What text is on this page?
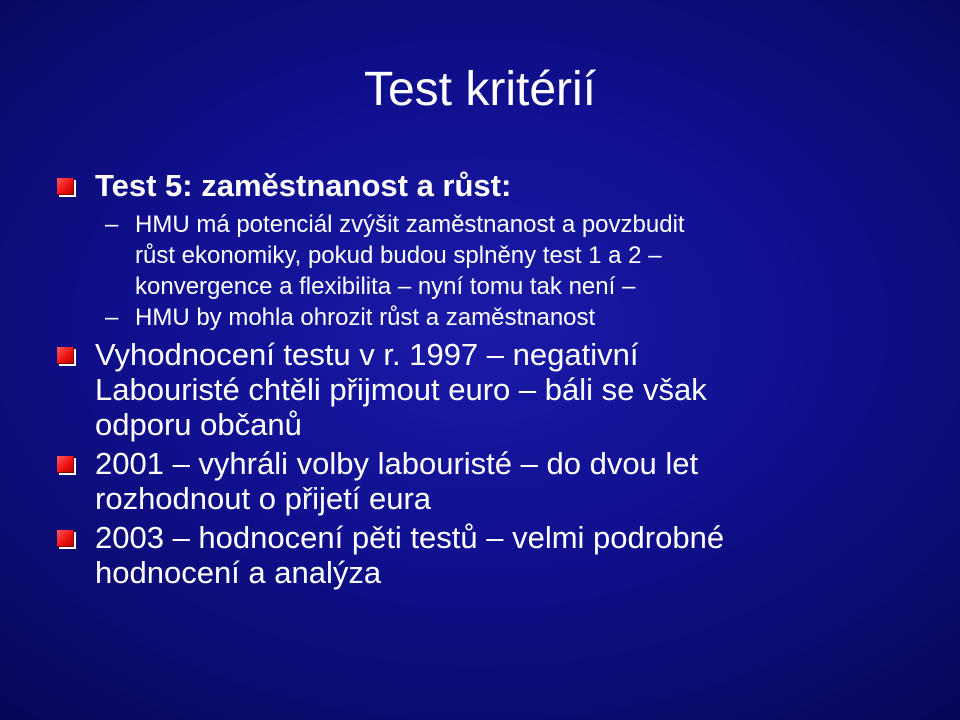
Test kritérií
Test 5: zaměstnanost a růst:
– HMU má potenciál zvýšit zaměstnanost a povzbudit
růst ekonomiky, pokud budou splněny test 1 a 2 –
konvergence a flexibilita – nyní tomu tak není –
– HMU by mohla ohrozit růst a zaměstnanost
Vyhodnocení testu v r. 1997 – negativní
Labouristé chtěli přijmout euro – báli se však
odporu občanů
2001 – vyhráli volby labouristé – do dvou let
rozhodnout o přijetí eura
2003 – hodnocení pěti testů – velmi podrobné
hodnocení a analýza
